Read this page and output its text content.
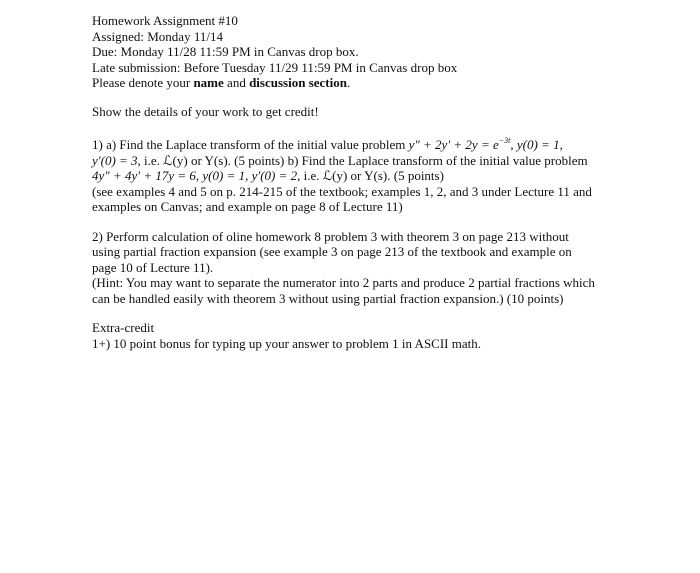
Homework Assignment #10
Assigned: Monday 11/14
Due: Monday 11/28 11:59 PM in Canvas drop box.
Late submission: Before Tuesday 11/29 11:59 PM in Canvas drop box
Please denote your name and discussion section.
Show the details of your work to get credit!
1) a) Find the Laplace transform of the initial value problem $y'' + 2y' + 2y = e^{-3t}$, y(0) = 1,
y′(0) = 3, i.e. ℒ(y) or Y(s). (5 points) b) Find the Laplace transform of the initial value problem
4y″ + 4y′ + 17y = 6, y(0) = 1, y′(0) = 2, i.e. ℒ(y) or Y(s). (5 points)
(see examples 4 and 5 on p. 214-215 of the textbook; examples 1, 2, and 3 under Lecture 11 and
examples on Canvas; and example on page 8 of Lecture 11)
2) Perform calculation of oline homework 8 problem 3 with theorem 3 on page 213 without
using partial fraction expansion (see example 3 on page 213 of the textbook and example on
page 10 of Lecture 11).
(Hint: You may want to separate the numerator into 2 parts and produce 2 partial fractions which
can be handled easily with theorem 3 without using partial fraction expansion.) (10 points)
Extra-credit
1+) 10 point bonus for typing up your answer to problem 1 in ASCII math.
